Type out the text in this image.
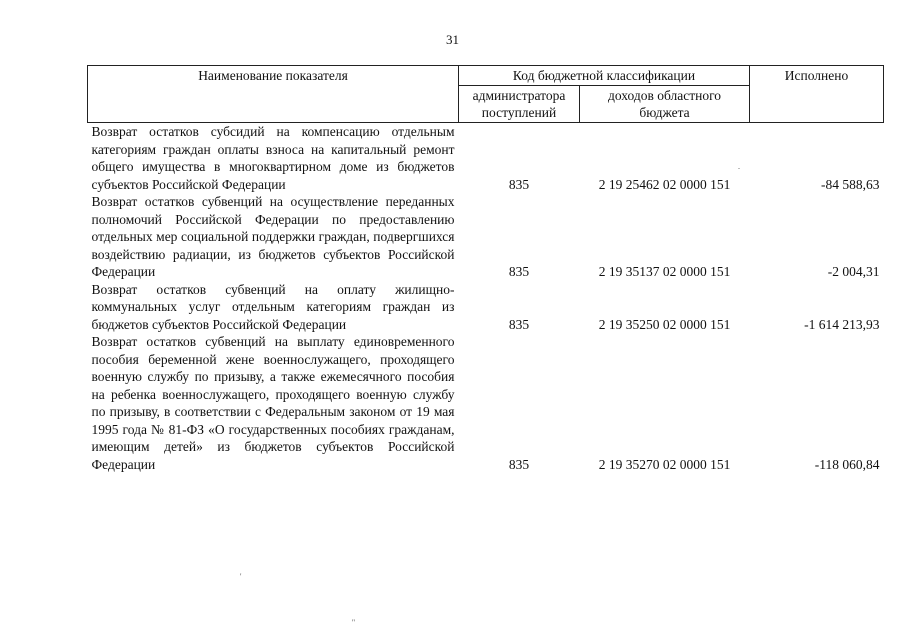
31
Наименование показателя	Код бюджетной классификации		Исполнено
	администратора поступлений	доходов областного бюджета	
Возврат остатков субсидий на компенсацию отдельным категориям граждан оплаты взноса на капитальный ремонт общего имущества в многоквартирном доме из бюджетов субъектов Российской Федерации	835	2 19 25462 02 0000 151	-84 588,63
Возврат остатков субвенций на осуществление переданных полномочий Российской Федерации по предоставлению отдельных мер социальной поддержки граждан, подвергшихся воздействию радиации, из бюджетов субъектов Российской Федерации	835	2 19 35137 02 0000 151	-2 004,31
Возврат остатков субвенций на оплату жилищно-коммунальных услуг отдельным категориям граждан из бюджетов субъектов Российской Федерации	835	2 19 35250 02 0000 151	-1 614 213,93
Возврат остатков субвенций на выплату единовременного пособия беременной жене военнослужащего, проходящего военную службу по призыву, а также ежемесячного пособия на ребенка военнослужащего, проходящего военную службу по призыву, в соответствии с Федеральным законом от 19 мая 1995 года № 81-ФЗ «О государственных пособиях гражданам, имеющим детей» из бюджетов субъектов Российской Федерации	835	2 19 35270 02 0000 151	-118 060,84
.
'
''
